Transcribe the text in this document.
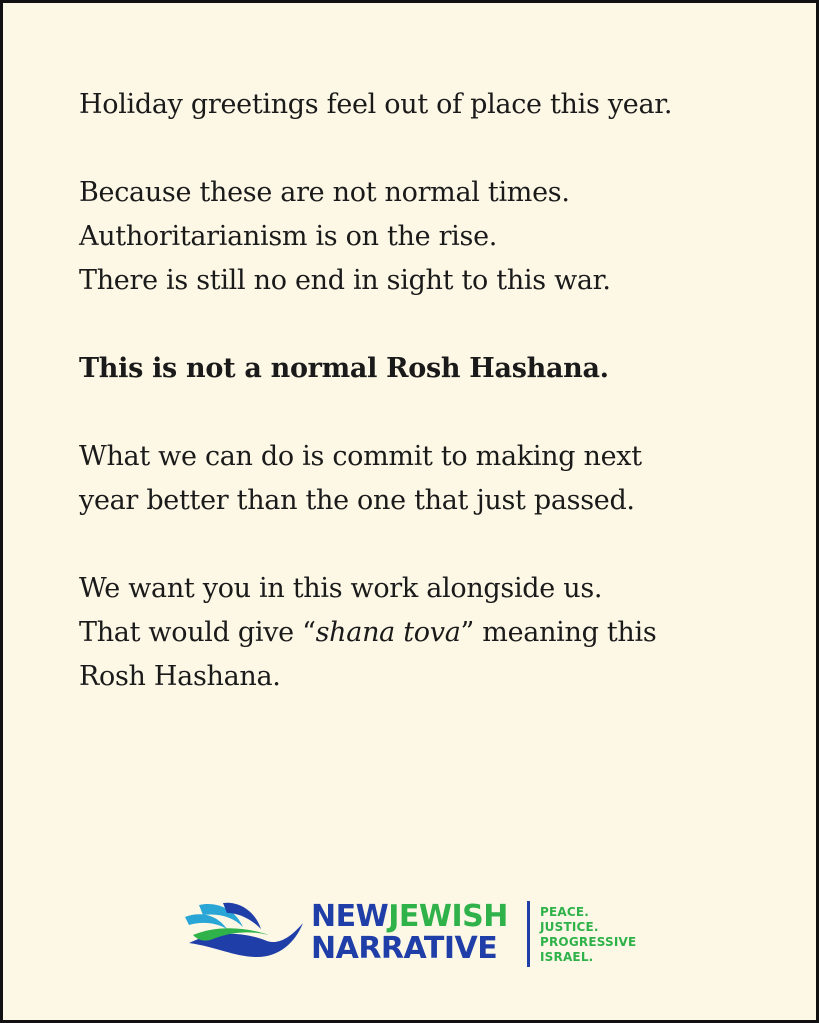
Holiday greetings feel out of place this year.

Because these are not normal times.
Authoritarianism is on the rise.
There is still no end in sight to this war.

This is not a normal Rosh Hashana.

What we can do is commit to making next
year better than the one that just passed.

We want you in this work alongside us.
That would give “shana tova” meaning this
Rosh Hashana.

NEWJEWISH
NARRATIVE
PEACE.
JUSTICE.
PROGRESSIVE
ISRAEL.
